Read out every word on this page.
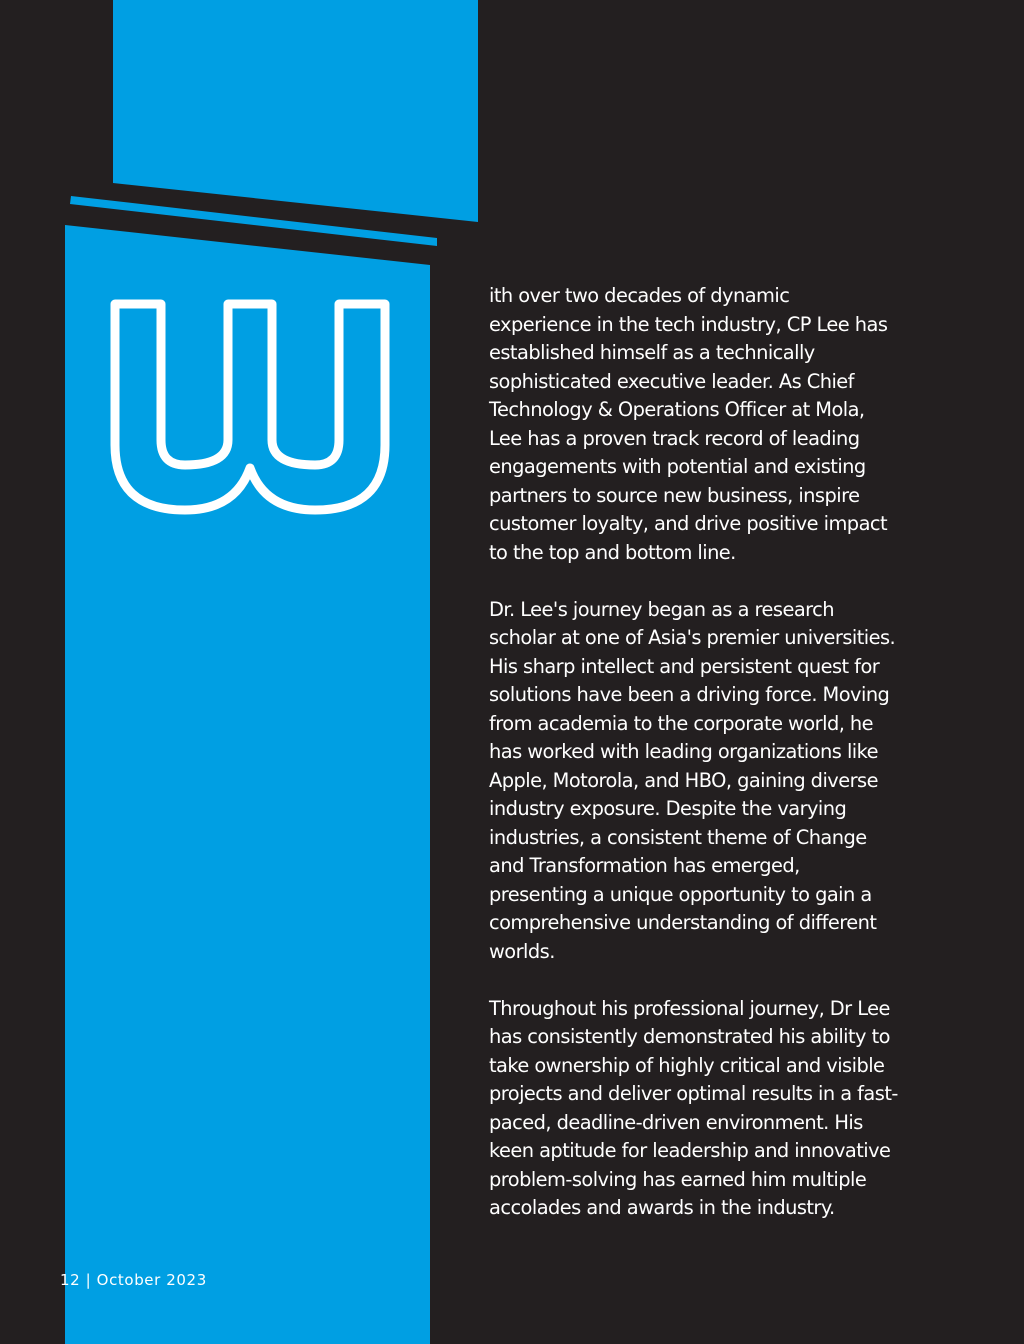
ith over two decades of dynamic
experience in the tech industry, CP Lee has
established himself as a technically
sophisticated executive leader. As Chief
Technology & Operations Officer at Mola,
Lee has a proven track record of leading
engagements with potential and existing
partners to source new business, inspire
customer loyalty, and drive positive impact
to the top and bottom line.

Dr. Lee's journey began as a research
scholar at one of Asia's premier universities.
His sharp intellect and persistent quest for
solutions have been a driving force. Moving
from academia to the corporate world, he
has worked with leading organizations like
Apple, Motorola, and HBO, gaining diverse
industry exposure. Despite the varying
industries, a consistent theme of Change
and Transformation has emerged,
presenting a unique opportunity to gain a
comprehensive understanding of different
worlds.

Throughout his professional journey, Dr Lee
has consistently demonstrated his ability to
take ownership of highly critical and visible
projects and deliver optimal results in a fast-
paced, deadline-driven environment. His
keen aptitude for leadership and innovative
problem-solving has earned him multiple
accolades and awards in the industry.

12 | October 2023
